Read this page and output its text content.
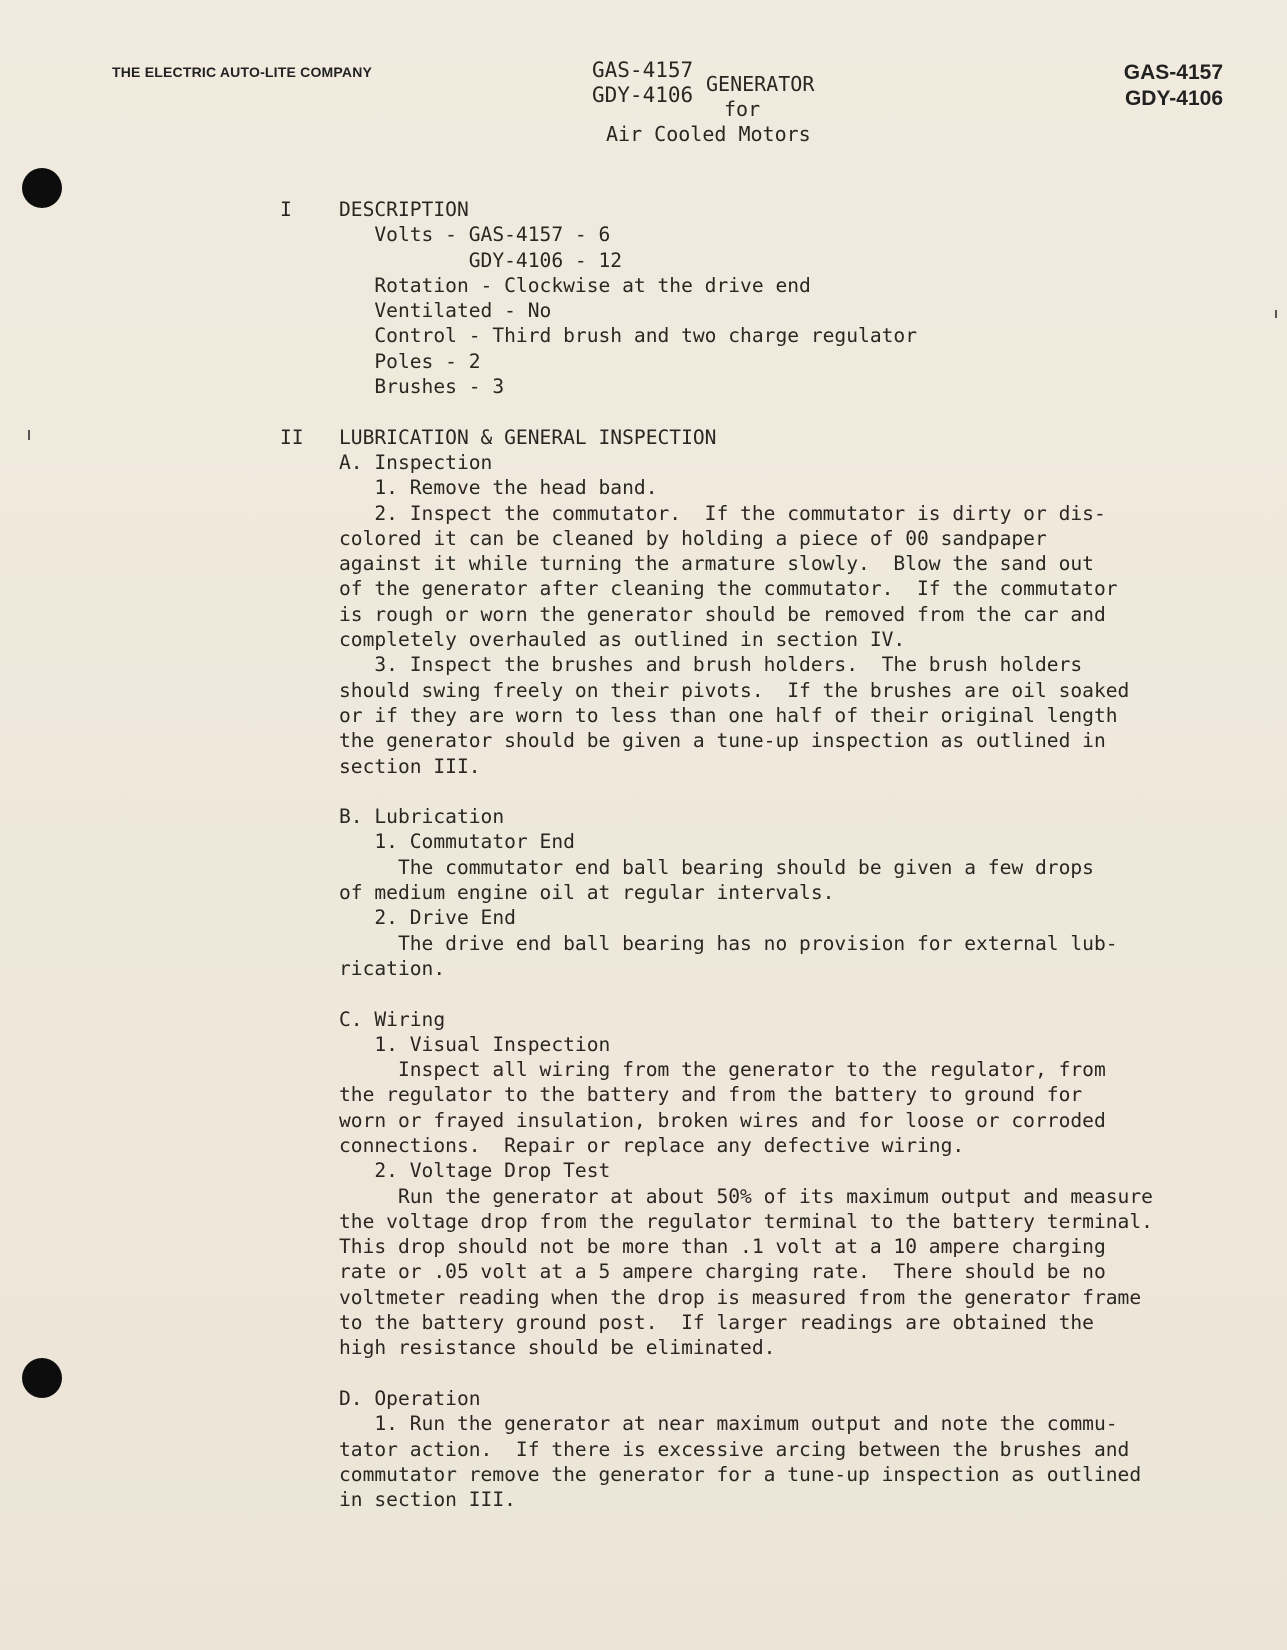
THE ELECTRIC AUTO-LITE COMPANY	GAS-4157
GDY-4106 GENERATOR
for
Air Cooled Motors
GAS-4157
GDY-4106
I    DESCRIPTION
Volts - GAS-4157 - 6
GDY-4106 - 12
Rotation - Clockwise at the drive end
Ventilated - No
Control - Third brush and two charge regulator
Poles - 2
Brushes - 3
II   LUBRICATION & GENERAL INSPECTION
A. Inspection
1. Remove the head band.
2. Inspect the commutator.  If the commutator is dirty or dis-
colored it can be cleaned by holding a piece of 00 sandpaper
against it while turning the armature slowly.  Blow the sand out
of the generator after cleaning the commutator.  If the commutator
is rough or worn the generator should be removed from the car and
completely overhauled as outlined in section IV.
3. Inspect the brushes and brush holders.  The brush holders
should swing freely on their pivots.  If the brushes are oil soaked
or if they are worn to less than one half of their original length
the generator should be given a tune-up inspection as outlined in
section III.
B. Lubrication
1. Commutator End
The commutator end ball bearing should be given a few drops
of medium engine oil at regular intervals.
2. Drive End
The drive end ball bearing has no provision for external lub-
rication.
C. Wiring
1. Visual Inspection
Inspect all wiring from the generator to the regulator, from
the regulator to the battery and from the battery to ground for
worn or frayed insulation, broken wires and for loose or corroded
connections.  Repair or replace any defective wiring.
2. Voltage Drop Test
Run the generator at about 50% of its maximum output and measure
the voltage drop from the regulator terminal to the battery terminal.
This drop should not be more than .1 volt at a 10 ampere charging
rate or .05 volt at a 5 ampere charging rate.  There should be no
voltmeter reading when the drop is measured from the generator frame
to the battery ground post.  If larger readings are obtained the
high resistance should be eliminated.
D. Operation
1. Run the generator at near maximum output and note the commu-
tator action.  If there is excessive arcing between the brushes and
commutator remove the generator for a tune-up inspection as outlined
in section III.
